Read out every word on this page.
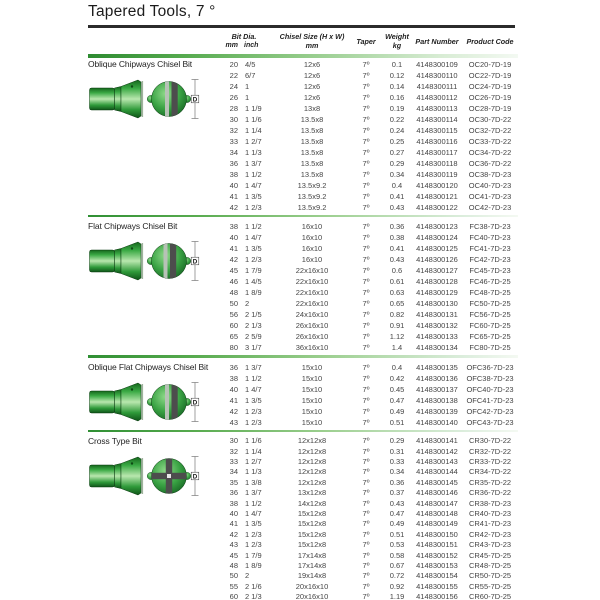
Tapered Tools, 7 °
Bit Dia.
mm inch
Chisel Size (H x W)
mm	Taper	Weight
kg	Part Number	Product Code
Oblique Chipways Chisel Bit
D
20 4/5	12x6	7º	0.1	4148300109	OC20-7D-19
22 6/7	12x6	7º	0.12	4148300110	OC22-7D-19
24 1	12x6	7º	0.14	4148300111	OC24-7D-19
26 1	12x6	7º	0.16	4148300112	OC26-7D-19
28 1 1/9	13x8	7º	0.19	4148300113	OC28-7D-19
30 1 1/6	13.5x8	7º	0.22	4148300114	OC30-7D-22
32 1 1/4	13.5x8	7º	0.24	4148300115	OC32-7D-22
33 1 2/7	13.5x8	7º	0.25	4148300116	OC33-7D-22
34 1 1/3	13.5x8	7º	0.27	4148300117	OC34-7D-22
36 1 3/7	13.5x8	7º	0.29	4148300118	OC36-7D-22
38 1 1/2	13.5x8	7º	0.34	4148300119	OC38-7D-23
40 1 4/7	13.5x9.2	7º	0.4	4148300120	OC40-7D-23
41 1 3/5	13.5x9.2	7º	0.41	4148300121	OC41-7D-23
42 1 2/3	13.5x9.2	7º	0.43	4148300122	OC42-7D-23
Flat Chipways Chisel Bit
D
38 1 1/2	16x10	7º	0.36	4148300123	FC38-7D-23
40 1 4/7	16x10	7º	0.38	4148300124	FC40-7D-23
41 1 3/5	16x10	7º	0.41	4148300125	FC41-7D-23
42 1 2/3	16x10	7º	0.43	4148300126	FC42-7D-23
45 1 7/9	22x16x10	7º	0.6	4148300127	FC45-7D-23
46 1 4/5	22x16x10	7º	0.61	4148300128	FC46-7D-25
48 1 8/9	22x16x10	7º	0.63	4148300129	FC48-7D-25
50 2	22x16x10	7º	0.65	4148300130	FC50-7D-25
56 2 1/5	24x16x10	7º	0.82	4148300131	FC56-7D-25
60 2 1/3	26x16x10	7º	0.91	4148300132	FC60-7D-25
65 2 5/9	26x16x10	7º	1.12	4148300133	FC65-7D-25
80 3 1/7	36x16x10	7º	1.4	4148300134	FC80-7D-25
Oblique Flat Chipways Chisel Bit
D
36 1 3/7	15x10	7º	0.4	4148300135	OFC36-7D-23
38 1 1/2	15x10	7º	0.42	4148300136	OFC38-7D-23
40 1 4/7	15x10	7º	0.45	4148300137	OFC40-7D-23
41 1 3/5	15x10	7º	0.47	4148300138	OFC41-7D-23
42 1 2/3	15x10	7º	0.49	4148300139	OFC42-7D-23
43 1 2/3	15x10	7º	0.51	4148300140	OFC43-7D-23
Cross Type Bit
D
30 1 1/6	12x12x8	7º	0.29	4148300141	CR30-7D-22
32 1 1/4	12x12x8	7º	0.31	4148300142	CR32-7D-22
33 1 2/7	12x12x8	7º	0.33	4148300143	CR33-7D-22
34 1 1/3	12x12x8	7º	0.34	4148300144	CR34-7D-22
35 1 3/8	12x12x8	7º	0.36	4148300145	CR35-7D-22
36 1 3/7	13x12x8	7º	0.37	4148300146	CR36-7D-22
38 1 1/2	14x12x8	7º	0.43	4148300147	CR38-7D-23
40 1 4/7	15x12x8	7º	0.47	4148300148	CR40-7D-23
41 1 3/5	15x12x8	7º	0.49	4148300149	CR41-7D-23
42 1 2/3	15x12x8	7º	0.51	4148300150	CR42-7D-23
43 1 2/3	15x12x8	7º	0.53	4148300151	CR43-7D-23
45 1 7/9	17x14x8	7º	0.58	4148300152	CR45-7D-25
48 1 8/9	17x14x8	7º	0.67	4148300153	CR48-7D-25
50 2	19x14x8	7º	0.72	4148300154	CR50-7D-25
55 2 1/6	20x16x10	7º	0.92	4148300155	CR55-7D-25
60 2 1/3	20x16x10	7º	1.19	4148300156	CR60-7D-25
